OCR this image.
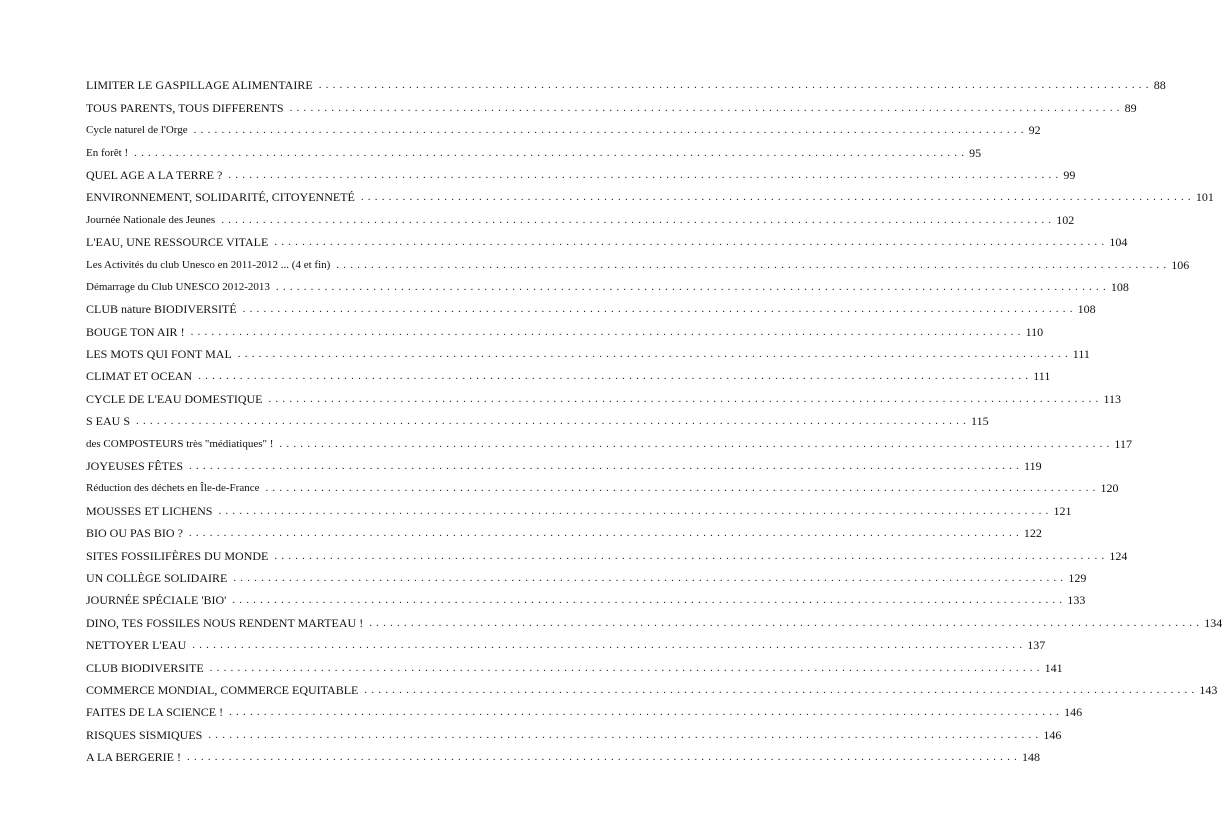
LIMITER LE GASPILLAGE ALIMENTAIRE ........................................................................................................................ 88
TOUS PARENTS, TOUS DIFFERENTS ........................................................................................................................ 89
Cycle naturel de l'Orge ........................................................................................................................ 92
En forêt ! ........................................................................................................................ 95
QUEL AGE A LA TERRE ? ........................................................................................................................ 99
ENVIRONNEMENT, SOLIDARITÉ, CITOYENNETÉ ........................................................................................................................ 101
Journée Nationale des Jeunes ........................................................................................................................ 102
L'EAU, UNE RESSOURCE VITALE ........................................................................................................................ 104
Les Activités du club Unesco en 2011-2012 ... (4 et fin) ........................................................................................................................ 106
Démarrage du Club UNESCO 2012-2013 ........................................................................................................................ 108
CLUB nature BIODIVERSITÉ ........................................................................................................................ 108
BOUGE TON AIR ! ........................................................................................................................ 110
LES MOTS QUI FONT MAL ........................................................................................................................ 111
CLIMAT ET OCEAN ........................................................................................................................ 111
CYCLE DE L'EAU DOMESTIQUE ........................................................................................................................ 113
S EAU S ........................................................................................................................ 115
des COMPOSTEURS très "médiatiques" ! ........................................................................................................................ 117
JOYEUSES FÊTES ........................................................................................................................ 119
Réduction des déchets en Île-de-France ........................................................................................................................ 120
MOUSSES ET LICHENS ........................................................................................................................ 121
BIO OU PAS BIO ? ........................................................................................................................ 122
SITES FOSSILIFÈRES DU MONDE ........................................................................................................................ 124
UN COLLÈGE SOLIDAIRE ........................................................................................................................ 129
JOURNÉE SPÉCIALE 'BIO' ........................................................................................................................ 133
DINO, TES FOSSILES NOUS RENDENT MARTEAU ! ........................................................................................................................ 134
NETTOYER L'EAU ........................................................................................................................ 137
CLUB BIODIVERSITE ........................................................................................................................ 141
COMMERCE MONDIAL, COMMERCE EQUITABLE ........................................................................................................................ 143
FAITES DE LA SCIENCE ! ........................................................................................................................ 146
RISQUES SISMIQUES ........................................................................................................................ 146
A LA BERGERIE ! ........................................................................................................................ 148
